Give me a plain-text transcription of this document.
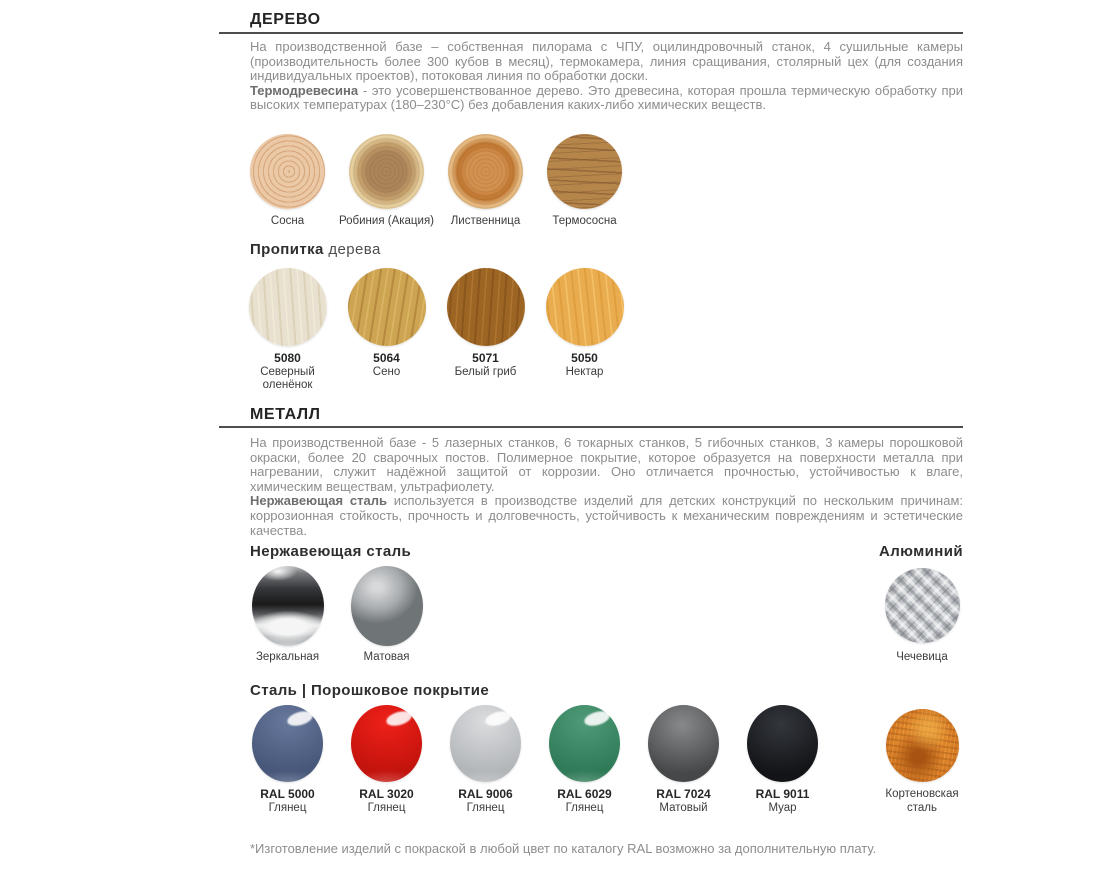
ДЕРЕВО

На производственной базе – собственная пилорама с ЧПУ, оцилиндровочный станок, 4 сушильные камеры (производительность более 300 кубов в месяц), термокамера, линия сращивания, столярный цех (для создания индивидуальных проектов), потоковая линия по обработки доски.

Термодревесина - это усовершенствованное дерево. Это древесина, которая прошла термическую обработку при высоких температурах (180–230°C) без добавления каких-либо химических веществ.

Сосна	Робиния (Акация)	Лиственница	Термососна
Пропитка дерева
5080
Северный
оленёнок
5064
Сено
5071
Белый гриб
5050
Нектар
МЕТАЛЛ

На производственной базе - 5 лазерных станков, 6 токарных станков, 5 гибочных станков, 3 камеры порошковой окраски, более 20 сварочных постов. Полимерное покрытие, которое образуется на поверхности металла при нагревании, служит надёжной защитой от коррозии. Оно отличается прочностью, устойчивостью к влаге, химическим веществам, ультрафиолету.

Нержавеющая сталь используется в производстве изделий для детских конструкций по нескольким причинам: коррозионная стойкость, прочность и долговечность, устойчивость к механическим повреждениям и эстетические качества.

Нержавеющая сталь	Алюминий
Зеркальная	Матовая	Чечевица
Сталь | Порошковое покрытие
RAL 5000
Глянец
RAL 3020
Глянец
RAL 9006
Глянец
RAL 6029
Глянец
RAL 7024
Матовый
RAL 9011
Муар
Кортеновская
сталь
*Изготовление изделий с покраской в любой цвет по каталогу RAL возможно за дополнительную плату.
